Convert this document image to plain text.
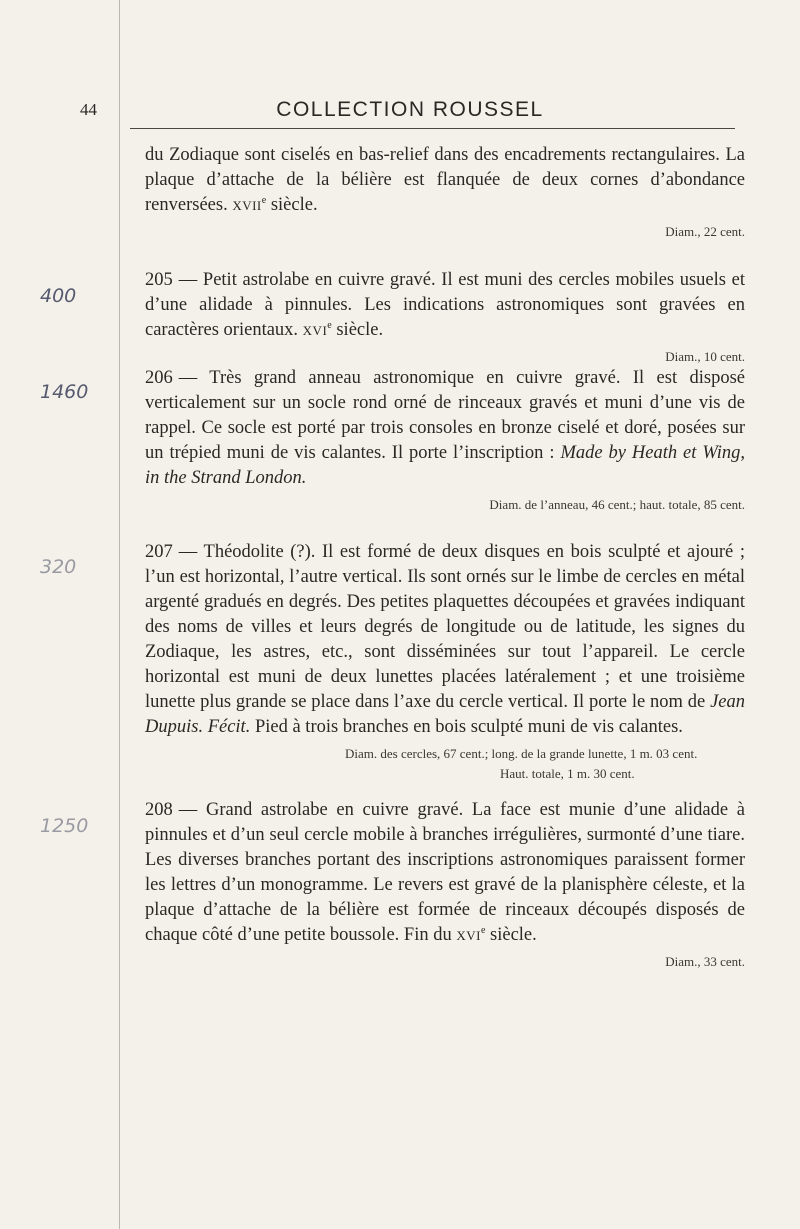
44	COLLECTION ROUSSEL
400
1460
320
1250

du Zodiaque sont ciselés en bas-relief dans des encadrements rectangulaires. La plaque d’attache de la bélière est flanquée de deux cornes d’abondance renversées. xvii$^e$ siècle.

Diam., 22 cent.

205 — Petit astrolabe en cuivre gravé. Il est muni des cercles mobiles usuels et d’une alidade à pinnules. Les indications astronomiques sont gravées en caractères orientaux. xvi$^e$ siècle.

Diam., 10 cent.

206 — Très grand anneau astronomique en cuivre gravé. Il est disposé verticalement sur un socle rond orné de rinceaux gravés et muni d’une vis de rappel. Ce socle est porté par trois consoles en bronze ciselé et doré, posées sur un trépied muni de vis calantes. Il porte l’inscription : Made by Heath et Wing, in the Strand London.

Diam. de l’anneau, 46 cent.; haut. totale, 85 cent.

207 — Théodolite (?). Il est formé de deux disques en bois sculpté et ajouré ; l’un est horizontal, l’autre vertical. Ils sont ornés sur le limbe de cercles en métal argenté gradués en degrés. Des petites plaquettes découpées et gravées indiquant des noms de villes et leurs degrés de longitude ou de latitude, les signes du Zodiaque, les astres, etc., sont disséminées sur tout l’appareil. Le cercle horizontal est muni de deux lunettes placées latéralement ; et une troisième lunette plus grande se place dans l’axe du cercle vertical. Il porte le nom de Jean Dupuis. Fécit. Pied à trois branches en bois sculpté muni de vis calantes.

Diam. des cercles, 67 cent.; long. de la grande lunette, 1 m. 03 cent.

Haut. totale, 1 m. 30 cent.

208 — Grand astrolabe en cuivre gravé. La face est munie d’une alidade à pinnules et d’un seul cercle mobile à branches irrégulières, surmonté d’une tiare. Les diverses branches portant des inscriptions astronomiques paraissent former les lettres d’un monogramme. Le revers est gravé de la planisphère céleste, et la plaque d’attache de la bélière est formée de rinceaux découpés disposés de chaque côté d’une petite boussole. Fin du xvi$^e$ siècle.

Diam., 33 cent.
